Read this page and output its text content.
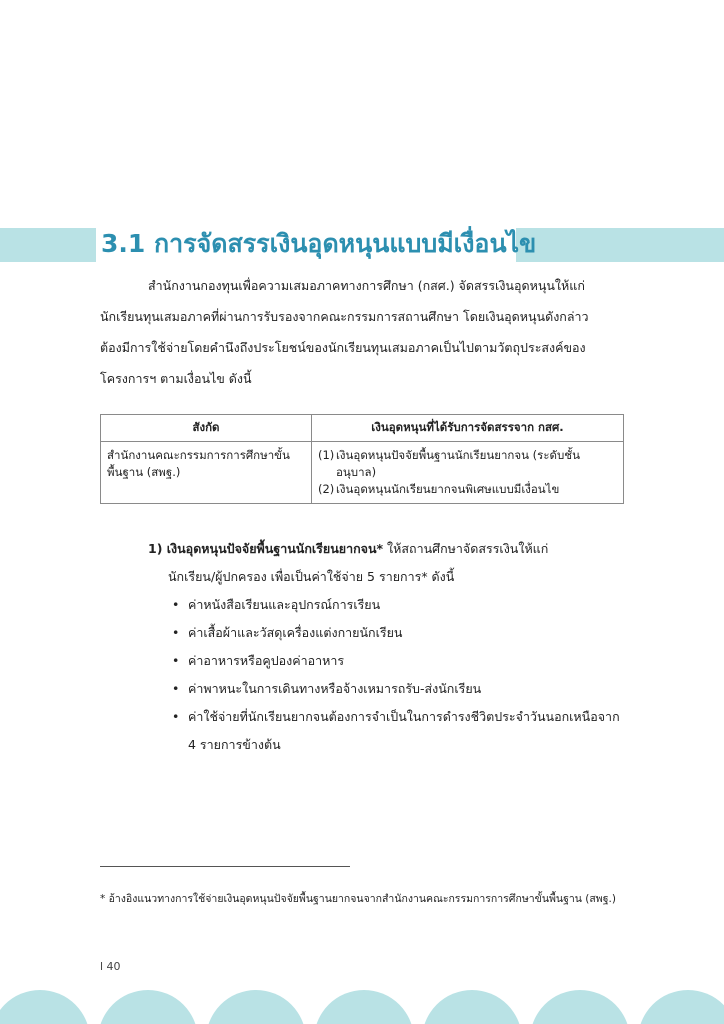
3.1 การจัดสรรเงินอุดหนุนแบบมีเงื่อนไข
สำนักงานกองทุนเพื่อความเสมอภาคทางการศึกษา (กสศ.) จัดสรรเงินอุดหนุนให้แก่
นักเรียนทุนเสมอภาคที่ผ่านการรับรองจากคณะกรรมการสถานศึกษา โดยเงินอุดหนุนดังกล่าว
ต้องมีการใช้จ่ายโดยคำนึงถึงประโยชน์ของนักเรียนทุนเสมอภาคเป็นไปตามวัตถุประสงค์ของ
โครงการฯ ตามเงื่อนไข ดังนี้
สังกัด	เงินอุดหนุนที่ได้รับการจัดสรรจาก กสศ.
สำนักงานคณะกรรมการการศึกษาขั้นพื้นฐาน (สพฐ.)	(1) เงินอุดหนุนปัจจัยพื้นฐานนักเรียนยากจน (ระดับชั้นอนุบาล)
(2) เงินอุดหนุนนักเรียนยากจนพิเศษแบบมีเงื่อนไข
1) เงินอุดหนุนปัจจัยพื้นฐานนักเรียนยากจน* ให้สถานศึกษาจัดสรรเงินให้แก่
นักเรียน/ผู้ปกครอง เพื่อเป็นค่าใช้จ่าย 5 รายการ* ดังนี้
• ค่าหนังสือเรียนและอุปกรณ์การเรียน
• ค่าเสื้อผ้าและวัสดุเครื่องแต่งกายนักเรียน
• ค่าอาหารหรือคูปองค่าอาหาร
• ค่าพาหนะในการเดินทางหรือจ้างเหมารถรับ-ส่งนักเรียน
• ค่าใช้จ่ายที่นักเรียนยากจนต้องการจำเป็นในการดำรงชีวิตประจำวันนอกเหนือจาก 4 รายการข้างต้น
* อ้างอิงแนวทางการใช้จ่ายเงินอุดหนุนปัจจัยพื้นฐานยากจนจากสำนักงานคณะกรรมการการศึกษาขั้นพื้นฐาน (สพฐ.)
l 40
